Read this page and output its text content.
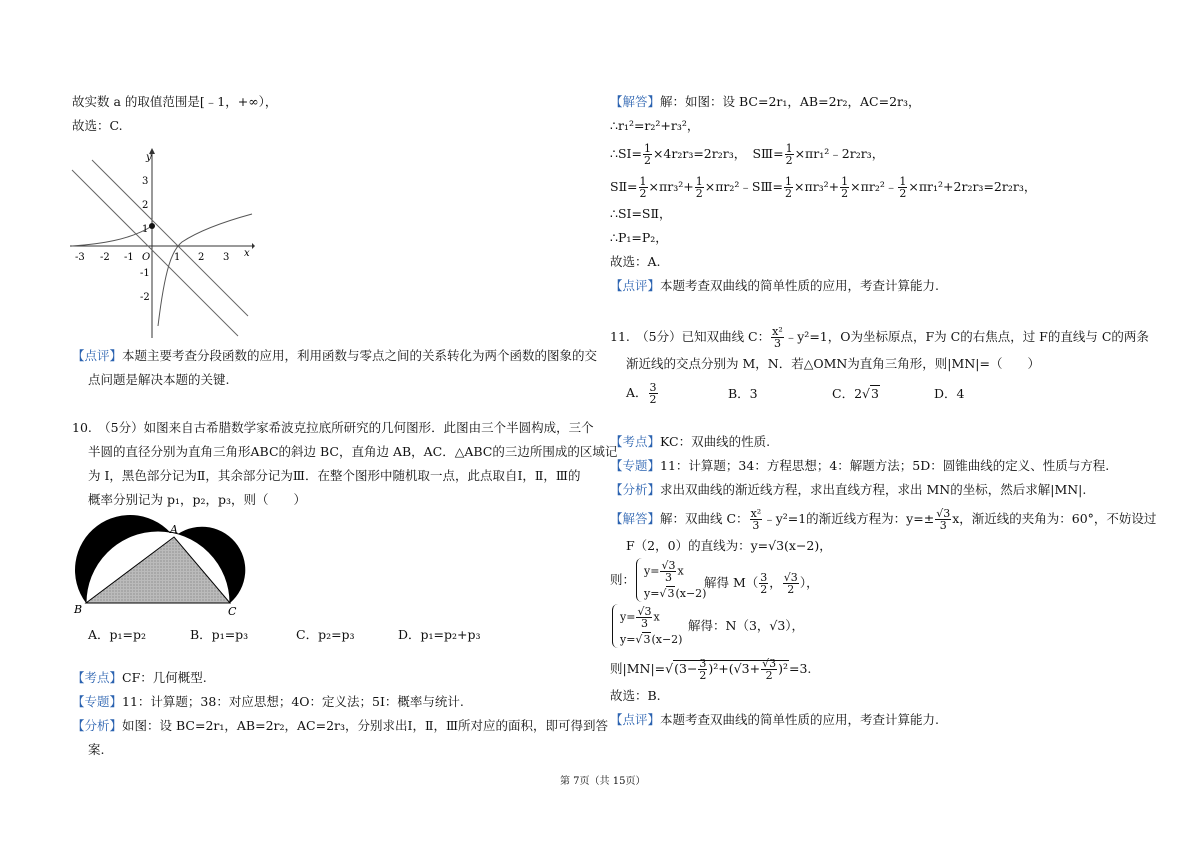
故实数 a 的取值范围是[﹣1，+∞），
故选：C.
-3 -2 -1 O 1 2 3 x
y
3
2
1
-1
-2
【点评】本题主要考查分段函数的应用，利用函数与零点之间的关系转化为两个函数的图象的交
点问题是解决本题的关键.
10.　（5分）如图来自古希腊数学家希波克拉底所研究的几何图形．此图由三个半圆构成，三个
半圆的直径分别为直角三角形ABC的斜边 BC，直角边 AB，AC．△ABC的三边所围成的区域记
为 I，黑色部分记为Ⅱ，其余部分记为Ⅲ．在整个图形中随机取一点，此点取自Ⅰ，Ⅱ，Ⅲ的
概率分别记为 p₁，p₂，p₃，则（　　）
A
B	C
A．p₁=p₂	B．p₁=p₃	C．p₂=p₃	D．p₁=p₂+p₃
【考点】CF：几何概型.
【专题】11：计算题；38：对应思想；4O：定义法；5I：概率与统计.
【分析】如图：设 BC=2r₁，AB=2r₂，AC=2r₃，分别求出Ⅰ，Ⅱ，Ⅲ所对应的面积，即可得到答
案.
【解答】解：如图：设 BC=2r₁，AB=2r₂，AC=2r₃，
∴r₁²=r₂²+r₃²，
∴SⅠ= $\frac{1}{2} \times 4r_2r_3=2r_2r_3$，　SⅢ= $\frac{1}{2}$ ×πr₁²﹣2r₂r₃，
SⅡ= $\frac{1}{2} \times\pi r_3^2+ \frac{1}{2}$ ×πr₂²﹣SⅢ= $\frac{1}{2} \times\pi r_3^2+ \frac{1}{2}$ ×πr₂²﹣ $\frac{1}{2} \times\pi r_1^2+2r_2r_3=2r_2r_3$，
∴SⅠ=SⅡ，
∴P₁=P₂，
故选：A.
【点评】本题考查双曲线的简单性质的应用，考查计算能力.
11.　（5分）已知双曲线 C： $\frac{\text{x²}}{3}$ ﹣y²=1，O为坐标原点，F为 C的右焦点，过 F的直线与 C的两条
渐近线的交点分别为 M，N．若△OMN为直角三角形，则|MN|=（　　）
A． $\frac{3}{2}$	B．3	C．2√3	D．4
【考点】KC：双曲线的性质.
【专题】11：计算题；34：方程思想；4：解题方法；5D：圆锥曲线的定义、性质与方程.
【分析】求出双曲线的渐近线方程，求出直线方程，求出 MN的坐标，然后求解|MN|.
【解答】解：双曲线 C： $\frac{\text{x²}}{3}$ ﹣y²=1的渐近线方程为：$y=\pm \frac{√3}{3}$ x，渐近线的夹角为：60°，不妨设过
F（2，0）的直线为：y=√3(x−2)，
则：
$y= \frac{√3}{3}$ x
y=√3(x−2)
解得 $M( \frac{3}{2}$ ， $\frac{√3}{2}$ ），
$y= \frac{√3}{3}$ x
y=√3(x−2)
解得：N（3，√3），
则$|MN|=√(3- \frac{3}{2} )^2+(√3+ \frac{√3}{2} )^2=3$.
故选：B.
【点评】本题考查双曲线的简单性质的应用，考查计算能力.
第 7页（共 15页）
